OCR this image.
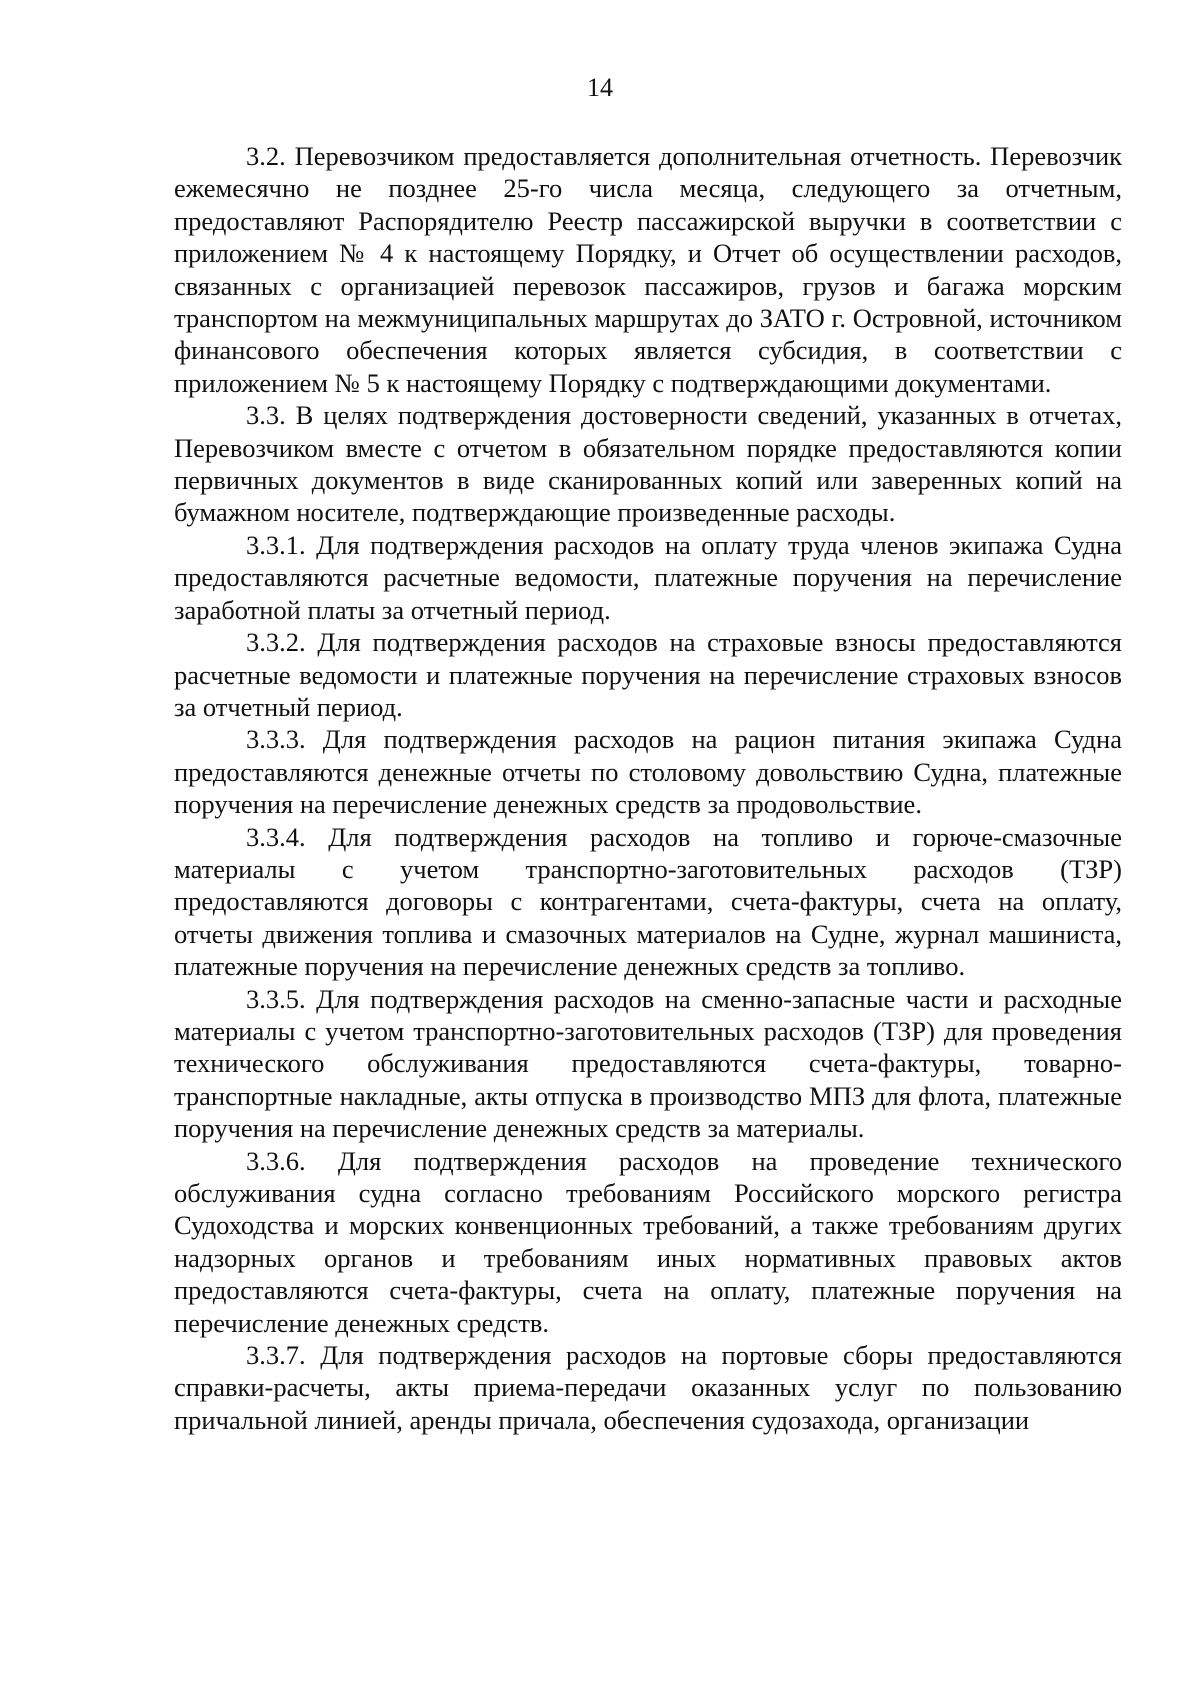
14

3.2. Перевозчиком предоставляется дополнительная отчетность. Перевозчик ежемесячно не позднее 25-го числа месяца, следующего за отчетным, предоставляют Распорядителю Реестр пассажирской выручки в соответствии с приложением № 4 к настоящему Порядку, и Отчет об осуществлении расходов, связанных с организацией перевозок пассажиров, грузов и багажа морским транспортом на межмуниципальных маршрутах до ЗАТО г. Островной, источником финансового обеспечения которых является субсидия, в соответствии с приложением № 5 к настоящему Порядку с подтверждающими документами.

3.3. В целях подтверждения достоверности сведений, указанных в отчетах, Перевозчиком вместе с отчетом в обязательном порядке предоставляются копии первичных документов в виде сканированных копий или заверенных копий на бумажном носителе, подтверждающие произведенные расходы.

3.3.1. Для подтверждения расходов на оплату труда членов экипажа Судна предоставляются расчетные ведомости, платежные поручения на перечисление заработной платы за отчетный период.

3.3.2. Для подтверждения расходов на страховые взносы предоставляются расчетные ведомости и платежные поручения на перечисление страховых взносов за отчетный период.

3.3.3. Для подтверждения расходов на рацион питания экипажа Судна предоставляются денежные отчеты по столовому довольствию Судна, платежные поручения на перечисление денежных средств за продовольствие.

3.3.4. Для подтверждения расходов на топливо и горюче-смазочные материалы с учетом транспортно-заготовительных расходов (ТЗР) предоставляются договоры с контрагентами, счета-фактуры, счета на оплату, отчеты движения топлива и смазочных материалов на Судне, журнал машиниста, платежные поручения на перечисление денежных средств за топливо.

3.3.5. Для подтверждения расходов на сменно-запасные части и расходные материалы с учетом транспортно-заготовительных расходов (ТЗР) для проведения технического обслуживания предоставляются счета-фактуры, товарно-транспортные накладные, акты отпуска в производство МПЗ для флота, платежные поручения на перечисление денежных средств за материалы.

3.3.6. Для подтверждения расходов на проведение технического обслуживания судна согласно требованиям Российского морского регистра Судоходства и морских конвенционных требований, а также требованиям других надзорных органов и требованиям иных нормативных правовых актов предоставляются счета-фактуры, счета на оплату, платежные поручения на перечисление денежных средств.

3.3.7. Для подтверждения расходов на портовые сборы предоставляются справки-расчеты, акты приема-передачи оказанных услуг по пользованию причальной линией, аренды причала, обеспечения судозахода, организации
